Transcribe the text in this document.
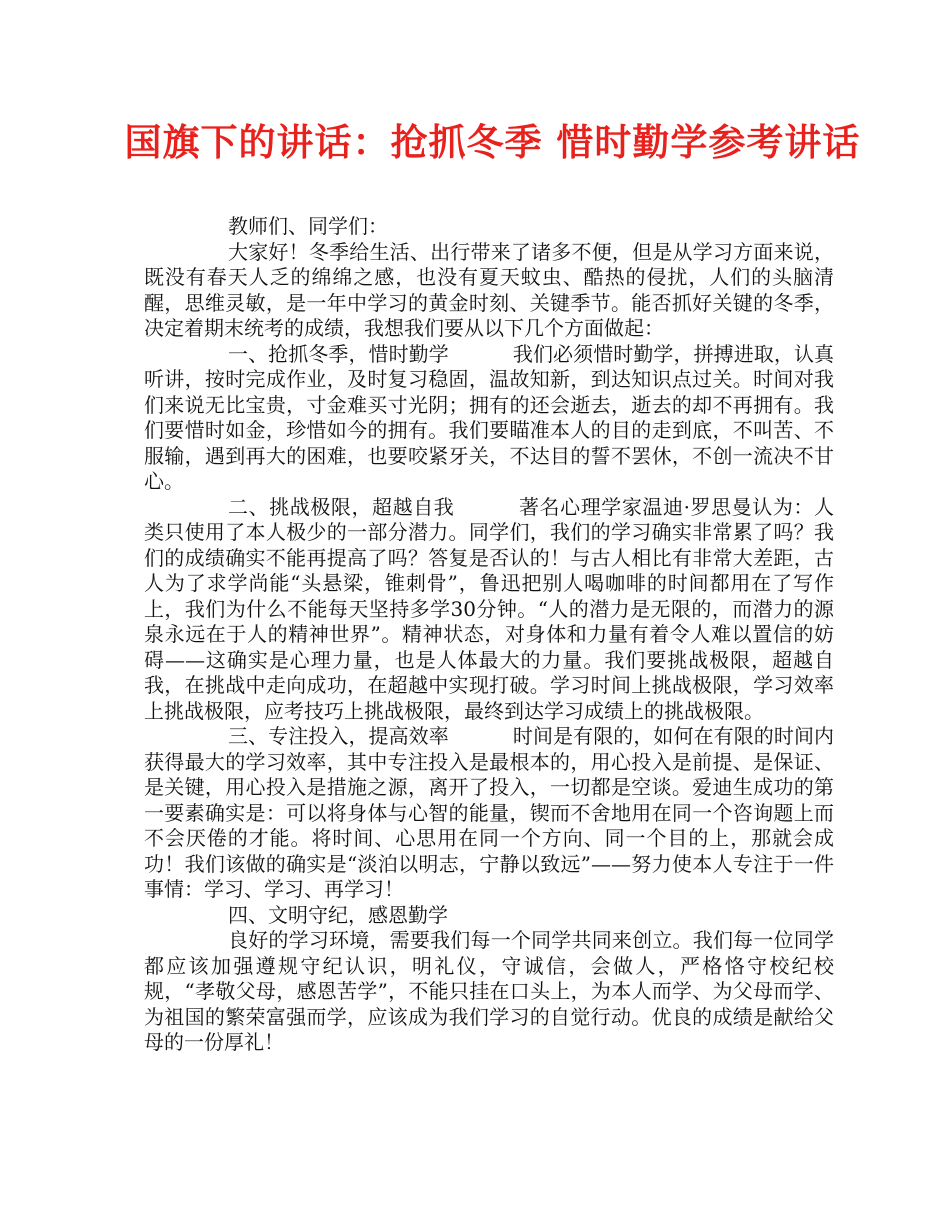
国旗下的讲话：抢抓冬季 惜时勤学参考讲话

教师们、同学们：

大家好！冬季给生活、出行带来了诸多不便，但是从学习方面来说，既没有春天人乏的绵绵之感，也没有夏天蚊虫、酷热的侵扰，人们的头脑清醒，思维灵敏，是一年中学习的黄金时刻、关键季节。能否抓好关键的冬季，决定着期末统考的成绩，我想我们要从以下几个方面做起：

一、抢抓冬季，惜时勤学	我们必须惜时勤学，拼搏进取，认真听讲，按时完成作业，及时复习稳固，温故知新，到达知识点过关。时间对我们来说无比宝贵，寸金难买寸光阴；拥有的还会逝去，逝去的却不再拥有。我们要惜时如金，珍惜如今的拥有。我们要瞄准本人的目的走到底，不叫苦、不服输，遇到再大的困难，也要咬紧牙关，不达目的誓不罢休，不创一流决不甘心。

二、挑战极限，超越自我	著名心理学家温迪·罗思曼认为：人类只使用了本人极少的一部分潜力。同学们，我们的学习确实非常累了吗？我们的成绩确实不能再提高了吗？答复是否认的！与古人相比有非常大差距，古人为了求学尚能“头悬梁，锥刺骨”，鲁迅把别人喝咖啡的时间都用在了写作上，我们为什么不能每天坚持多学30分钟。“人的潜力是无限的，而潜力的源泉永远在于人的精神世界”。精神状态，对身体和力量有着令人难以置信的妨碍——这确实是心理力量，也是人体最大的力量。我们要挑战极限，超越自我，在挑战中走向成功，在超越中实现打破。学习时间上挑战极限，学习效率上挑战极限，应考技巧上挑战极限，最终到达学习成绩上的挑战极限。

三、专注投入，提高效率	时间是有限的，如何在有限的时间内获得最大的学习效率，其中专注投入是最根本的，用心投入是前提、是保证、是关键，用心投入是措施之源，离开了投入，一切都是空谈。爱迪生成功的第一要素确实是：可以将身体与心智的能量，锲而不舍地用在同一个咨询题上而不会厌倦的才能。将时间、心思用在同一个方向、同一个目的上，那就会成功！我们该做的确实是“淡泊以明志，宁静以致远”——努力使本人专注于一件事情：学习、学习、再学习！

四、文明守纪，感恩勤学

良好的学习环境，需要我们每一个同学共同来创立。我们每一位同学都应该加强遵规守纪认识，明礼仪，守诚信，会做人，严格恪守校纪校规，“孝敬父母，感恩苦学”，不能只挂在口头上，为本人而学、为父母而学、为祖国的繁荣富强而学，应该成为我们学习的自觉行动。优良的成绩是献给父母的一份厚礼！
